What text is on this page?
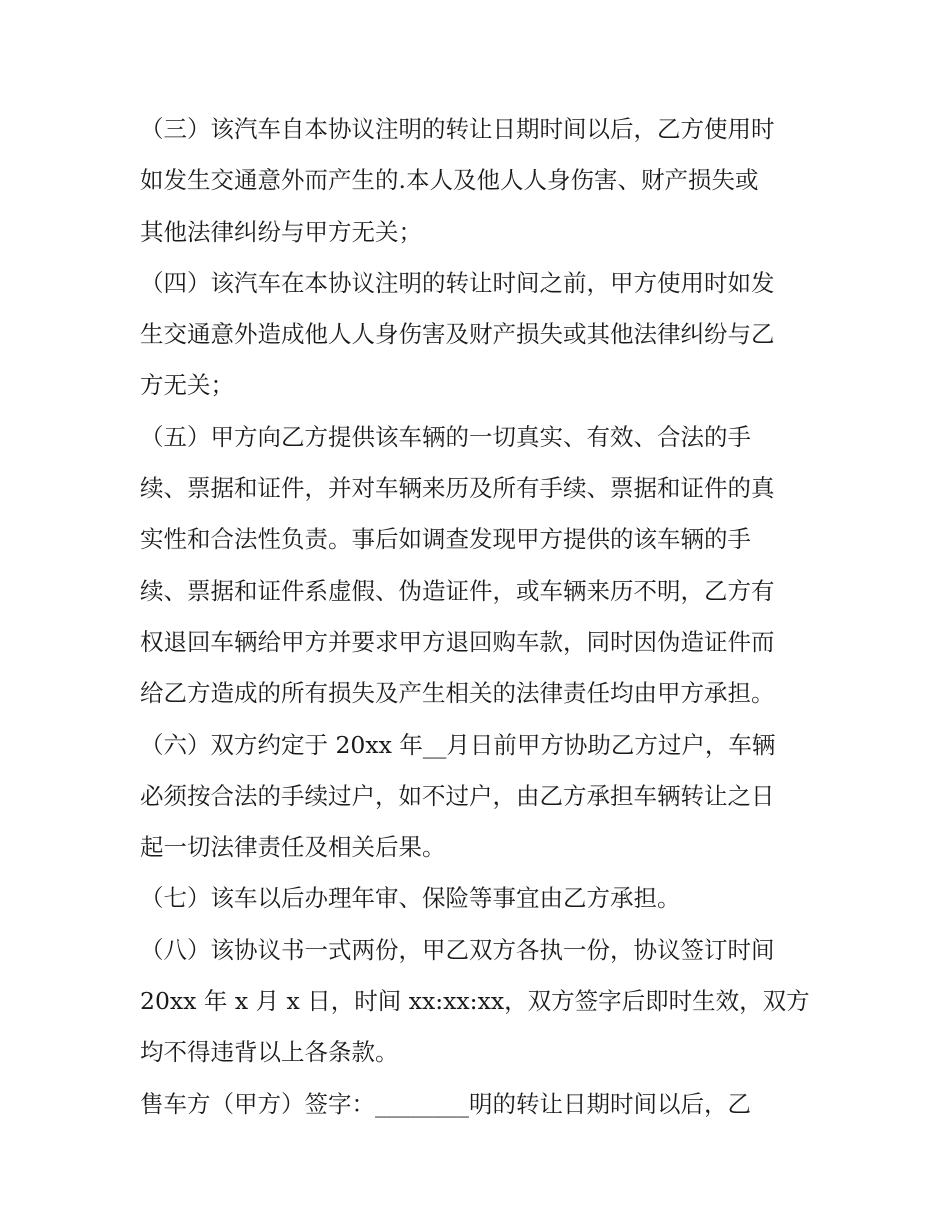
（三）该汽车自本协议注明的转让日期时间以后，乙方使用时
如发生交通意外而产生的.本人及他人人身伤害、财产损失或
其他法律纠纷与甲方无关；
（四）该汽车在本协议注明的转让时间之前，甲方使用时如发
生交通意外造成他人人身伤害及财产损失或其他法律纠纷与乙
方无关；
（五）甲方向乙方提供该车辆的一切真实、有效、合法的手
续、票据和证件，并对车辆来历及所有手续、票据和证件的真
实性和合法性负责。事后如调查发现甲方提供的该车辆的手
续、票据和证件系虚假、伪造证件，或车辆来历不明，乙方有
权退回车辆给甲方并要求甲方退回购车款，同时因伪造证件而
给乙方造成的所有损失及产生相关的法律责任均由甲方承担。
（六）双方约定于 20xx 年__月日前甲方协助乙方过户，车辆
必须按合法的手续过户，如不过户，由乙方承担车辆转让之日
起一切法律责任及相关后果。
（七）该车以后办理年审、保险等事宜由乙方承担。
（八）该协议书一式两份，甲乙双方各执一份，协议签订时间
20xx 年 x 月 x 日，时间 xx:xx:xx，双方签字后即时生效，双方
均不得违背以上各条款。
售车方（甲方）签字：________明的转让日期时间以后，乙
